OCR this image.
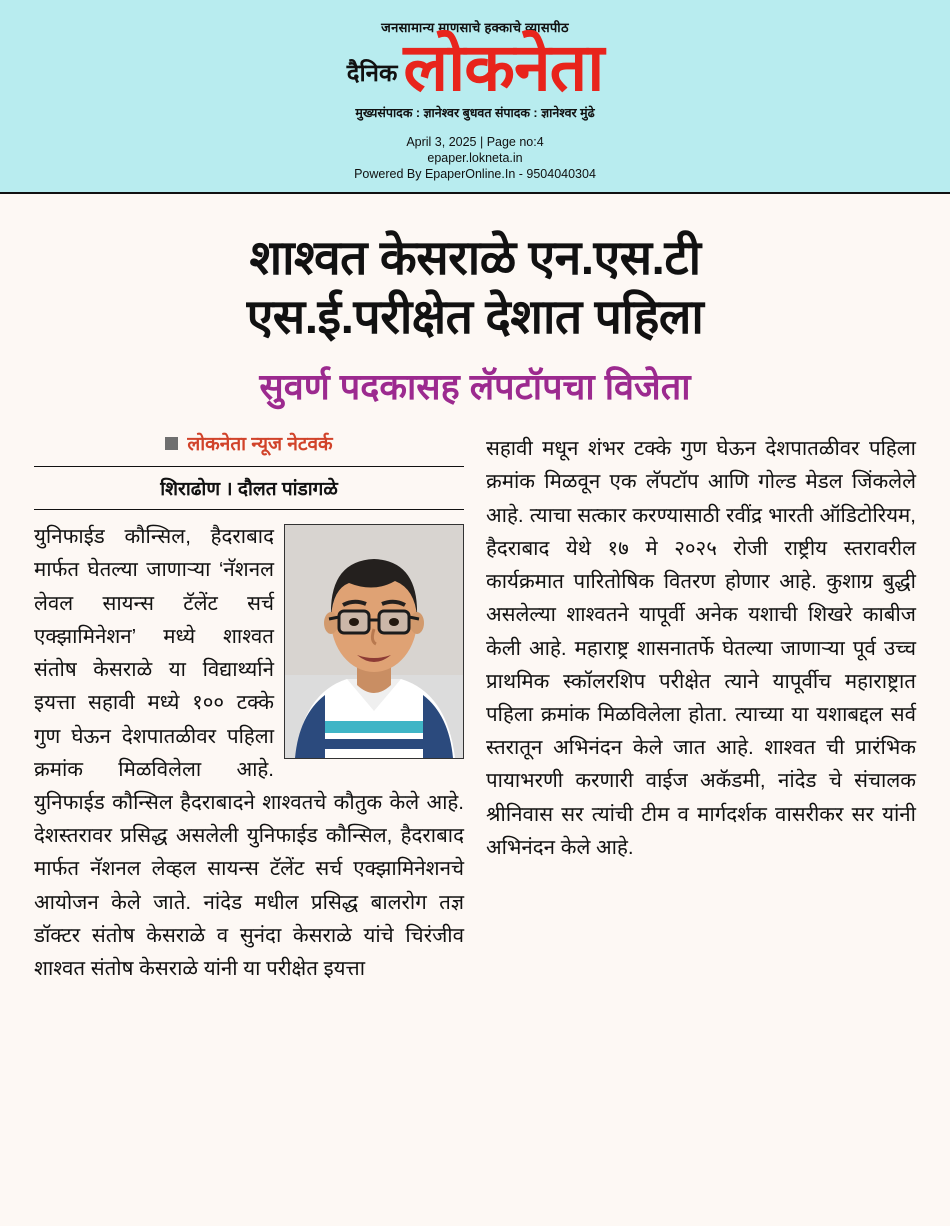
जनसामान्य माणसाचे हक्काचे व्यासपीठ
दैनिक लोकनेता
मुख्यसंपादक : ज्ञानेश्वर बुधवत संपादक : ज्ञानेश्वर मुंढे
April 3, 2025 | Page no:4
epaper.lokneta.in
Powered By EpaperOnline.In - 9504040304
शाश्वत केसराळे एन.एस.टी
एस.ई.परीक्षेत देशात पहिला
सुवर्ण पदकासह लॅपटॉपचा विजेता
लोकनेता न्यूज नेटवर्क
शिराढोण । दौलत पांडागळे
युनिफाईड कौन्सिल, हैदराबाद मार्फत घेतल्या जाणाऱ्या ‘नॅशनल लेवल सायन्स टॅलेंट सर्च एक्झामिनेशन’ मध्ये शाश्वत संतोष केसराळे या विद्यार्थ्याने इयत्ता सहावी मध्ये १०० टक्के गुण घेऊन देशपातळीवर पहिला क्रमांक मिळविलेला आहे. युनिफाईड कौन्सिल हैदराबादने शाश्वतचे कौतुक केले आहे. देशस्तरावर प्रसिद्ध असलेली युनिफाईड कौन्सिल, हैदराबाद मार्फत नॅशनल लेव्हल सायन्स टॅलेंट सर्च एक्झामिनेशनचे आयोजन केले जाते. नांदेड मधील प्रसिद्ध बालरोग तज्ञ डॉक्टर संतोष केसराळे व सुनंदा केसराळे यांचे चिरंजीव शाश्वत संतोष केसराळे यांनी या परीक्षेत इयत्ता
सहावी मधून शंभर टक्के गुण घेऊन देशपातळीवर पहिला क्रमांक मिळवून एक लॅपटॉप आणि गोल्ड मेडल जिंकलेले आहे. त्याचा सत्कार करण्यासाठी रवींद्र भारती ऑडिटोरियम, हैदराबाद येथे १७ मे २०२५ रोजी राष्ट्रीय स्तरावरील कार्यक्रमात पारितोषिक वितरण होणार आहे. कुशाग्र बुद्धी असलेल्या शाश्वतने यापूर्वी अनेक यशाची शिखरे काबीज केली आहे. महाराष्ट्र शासनातर्फे घेतल्या जाणाऱ्या पूर्व उच्च प्राथमिक स्कॉलरशिप परीक्षेत त्याने यापूर्वीच महाराष्ट्रात पहिला क्रमांक मिळविलेला होता. त्याच्या या यशाबद्दल सर्व स्तरातून अभिनंदन केले जात आहे. शाश्वत ची प्रारंभिक पायाभरणी करणारी वाईज अकॅडमी, नांदेड चे संचालक श्रीनिवास सर त्यांची टीम व मार्गदर्शक वासरीकर सर यांनी अभिनंदन केले आहे.
